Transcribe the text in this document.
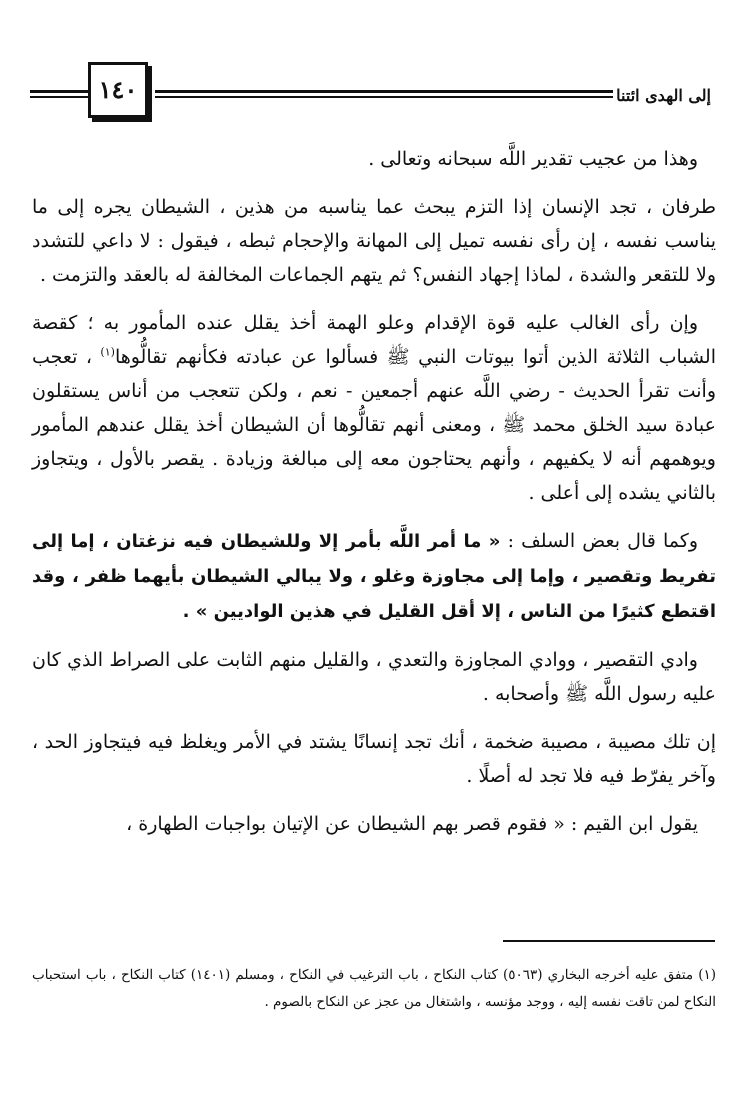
إلى الهدى ائتنا
١٤٠

وهذا من عجيب تقدير اللَّه سبحانه وتعالى .

طرفان ، تجد الإنسان إذا التزم يبحث عما يناسبه من هذين ، الشيطان يجره إلى ما يناسب نفسه ، إن رأى نفسه تميل إلى المهانة والإحجام ثبطه ، فيقول : لا داعي للتشدد ولا للتقعر والشدة ، لماذا إجهاد النفس؟ ثم يتهم الجماعات المخالفة له بالعقد والتزمت .

وإن رأى الغالب عليه قوة الإقدام وعلو الهمة أخذ يقلل عنده المأمور به ؛ كقصة الشباب الثلاثة الذين أتوا بيوتات النبي ﷺ فسألوا عن عبادته فكأنهم تقالُّوها$^{(١)}$ ، تعجب وأنت تقرأ الحديث - رضي اللَّه عنهم أجمعين - نعم ، ولكن تتعجب من أناس يستقلون عبادة سيد الخلق محمد ﷺ ، ومعنى أنهم تقالُّوها أن الشيطان أخذ يقلل عندهم المأمور ويوهمهم أنه لا يكفيهم ، وأنهم يحتاجون معه إلى مبالغة وزيادة . يقصر بالأول ، ويتجاوز بالثاني يشده إلى أعلى .

وكما قال بعض السلف : « ما أمر اللَّه بأمر إلا وللشيطان فيه نزغتان ، إما إلى تفريط وتقصير ، وإما إلى مجاوزة وغلو ، ولا يبالي الشيطان بأيهما ظفر ، وقد اقتطع كثيرًا من الناس ، إلا أقل القليل في هذين الواديين » .

وادي التقصير ، ووادي المجاوزة والتعدي ، والقليل منهم الثابت على الصراط الذي كان عليه رسول اللَّه ﷺ وأصحابه .

إن تلك مصيبة ، مصيبة ضخمة ، أنك تجد إنسانًا يشتد في الأمر ويغلظ فيه فيتجاوز الحد ، وآخر يفرّط فيه فلا تجد له أصلًا .

يقول ابن القيم : « فقوم قصر بهم الشيطان عن الإتيان بواجبات الطهارة ،

(١) متفق عليه أخرجه البخاري (٥٠٦٣) كتاب النكاح ، باب الترغيب في النكاح ، ومسلم (١٤٠١) كتاب النكاح ، باب استحباب النكاح لمن تاقت نفسه إليه ، ووجد مؤنسه ، واشتغال من عجز عن النكاح بالصوم .
